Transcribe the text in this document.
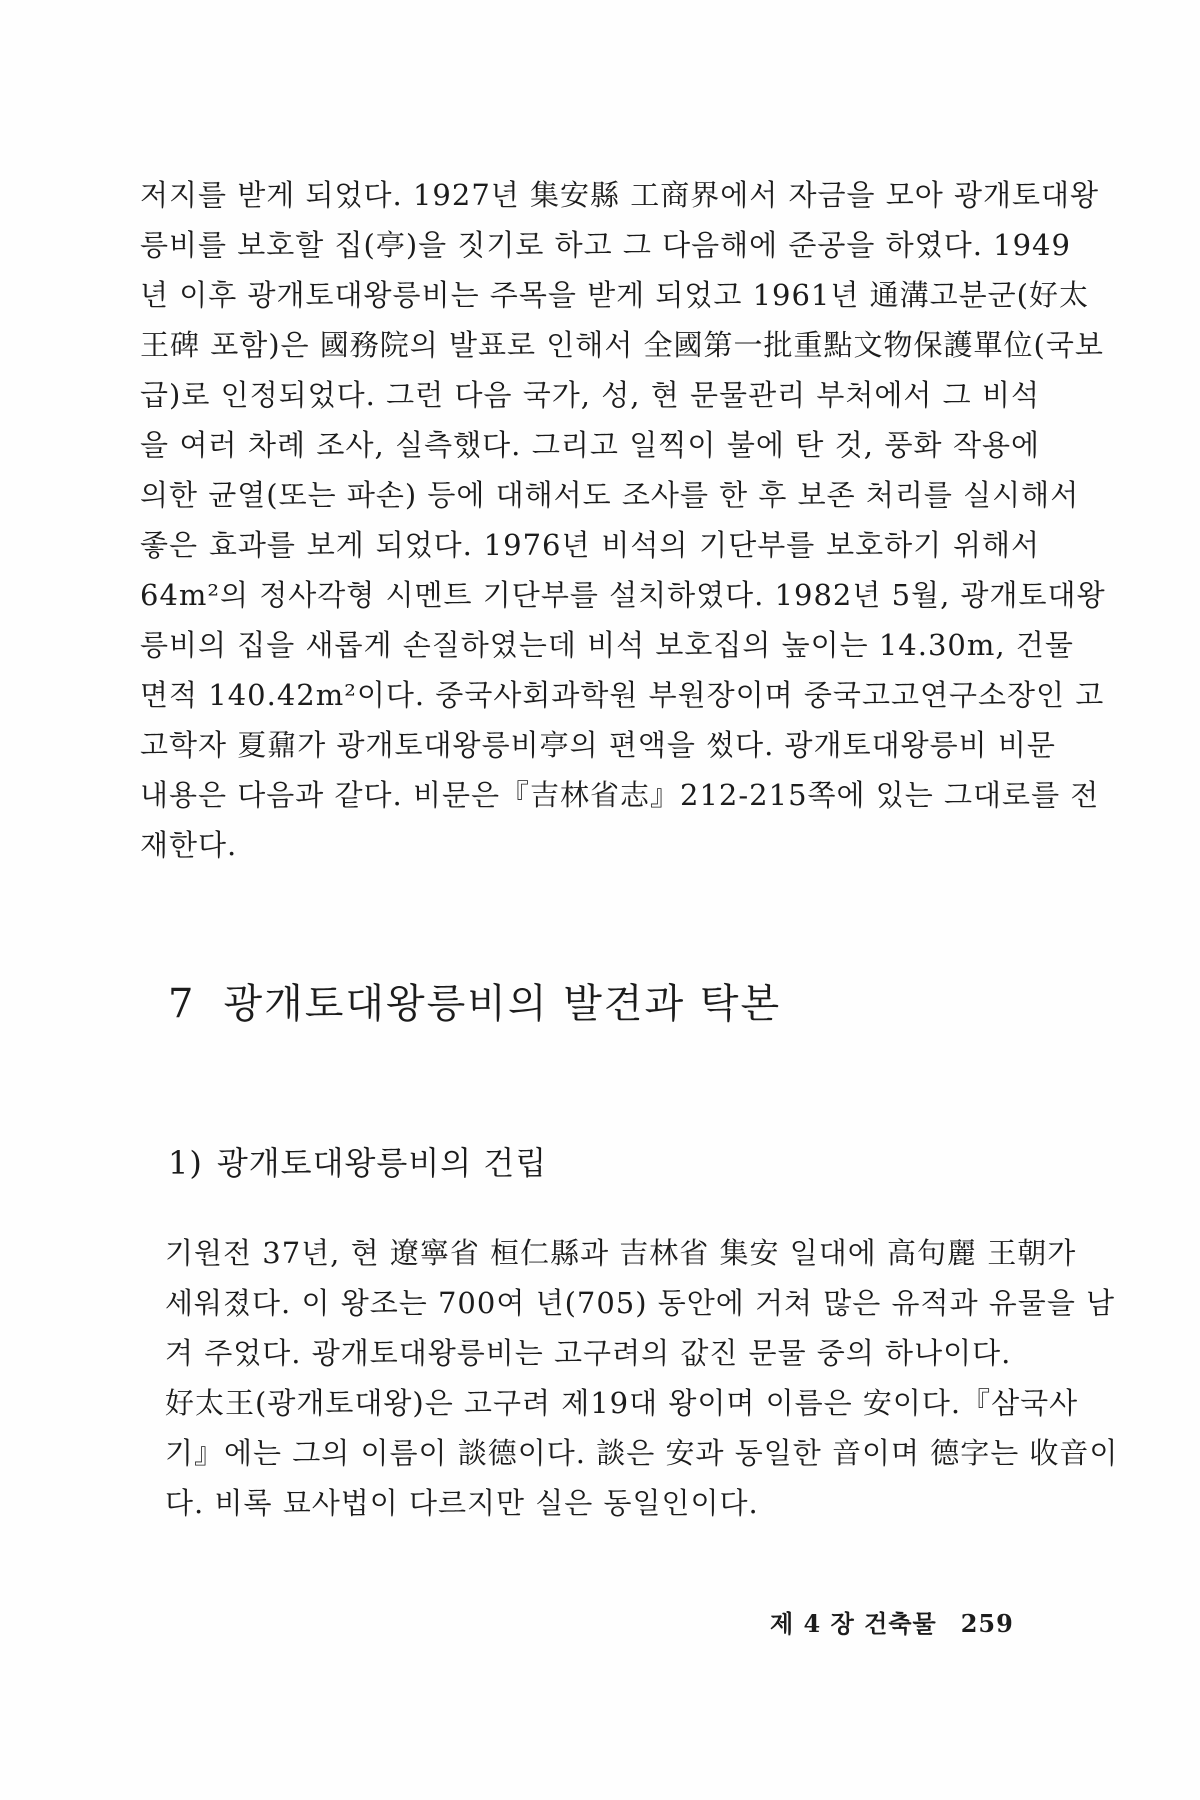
저지를 받게 되었다. 1927년 集安縣 工商界에서 자금을 모아 광개토대왕
릉비를 보호할 집(亭)을 짓기로 하고 그 다음해에 준공을 하였다. 1949
년 이후 광개토대왕릉비는 주목을 받게 되었고 1961년 通溝고분군(好太
王碑 포함)은 國務院의 발표로 인해서 全國第一批重點文物保護單位(국보
급)로 인정되었다. 그런 다음 국가, 성, 현 문물관리 부처에서 그 비석
을 여러 차례 조사, 실측했다. 그리고 일찍이 불에 탄 것, 풍화 작용에
의한 균열(또는 파손) 등에 대해서도 조사를 한 후 보존 처리를 실시해서
좋은 효과를 보게 되었다. 1976년 비석의 기단부를 보호하기 위해서
64m²의 정사각형 시멘트 기단부를 설치하였다. 1982년 5월, 광개토대왕
릉비의 집을 새롭게 손질하였는데 비석 보호집의 높이는 14.30m, 건물
면적 140.42m²이다. 중국사회과학원 부원장이며 중국고고연구소장인 고
고학자 夏鼐가 광개토대왕릉비亭의 편액을 썼다. 광개토대왕릉비 비문
내용은 다음과 같다. 비문은『吉林省志』212-215쪽에 있는 그대로를 전
재한다.
7 광개토대왕릉비의 발견과 탁본
1) 광개토대왕릉비의 건립
기원전 37년, 현 遼寧省 桓仁縣과 吉林省 集安 일대에 高句麗 王朝가
세워졌다. 이 왕조는 700여 년(705) 동안에 거쳐 많은 유적과 유물을 남
겨 주었다. 광개토대왕릉비는 고구려의 값진 문물 중의 하나이다.
好太王(광개토대왕)은 고구려 제19대 왕이며 이름은 安이다.『삼국사
기』에는 그의 이름이 談德이다. 談은 安과 동일한 音이며 德字는 收音이
다. 비록 묘사법이 다르지만 실은 동일인이다.
제 4 장 건축물 259
